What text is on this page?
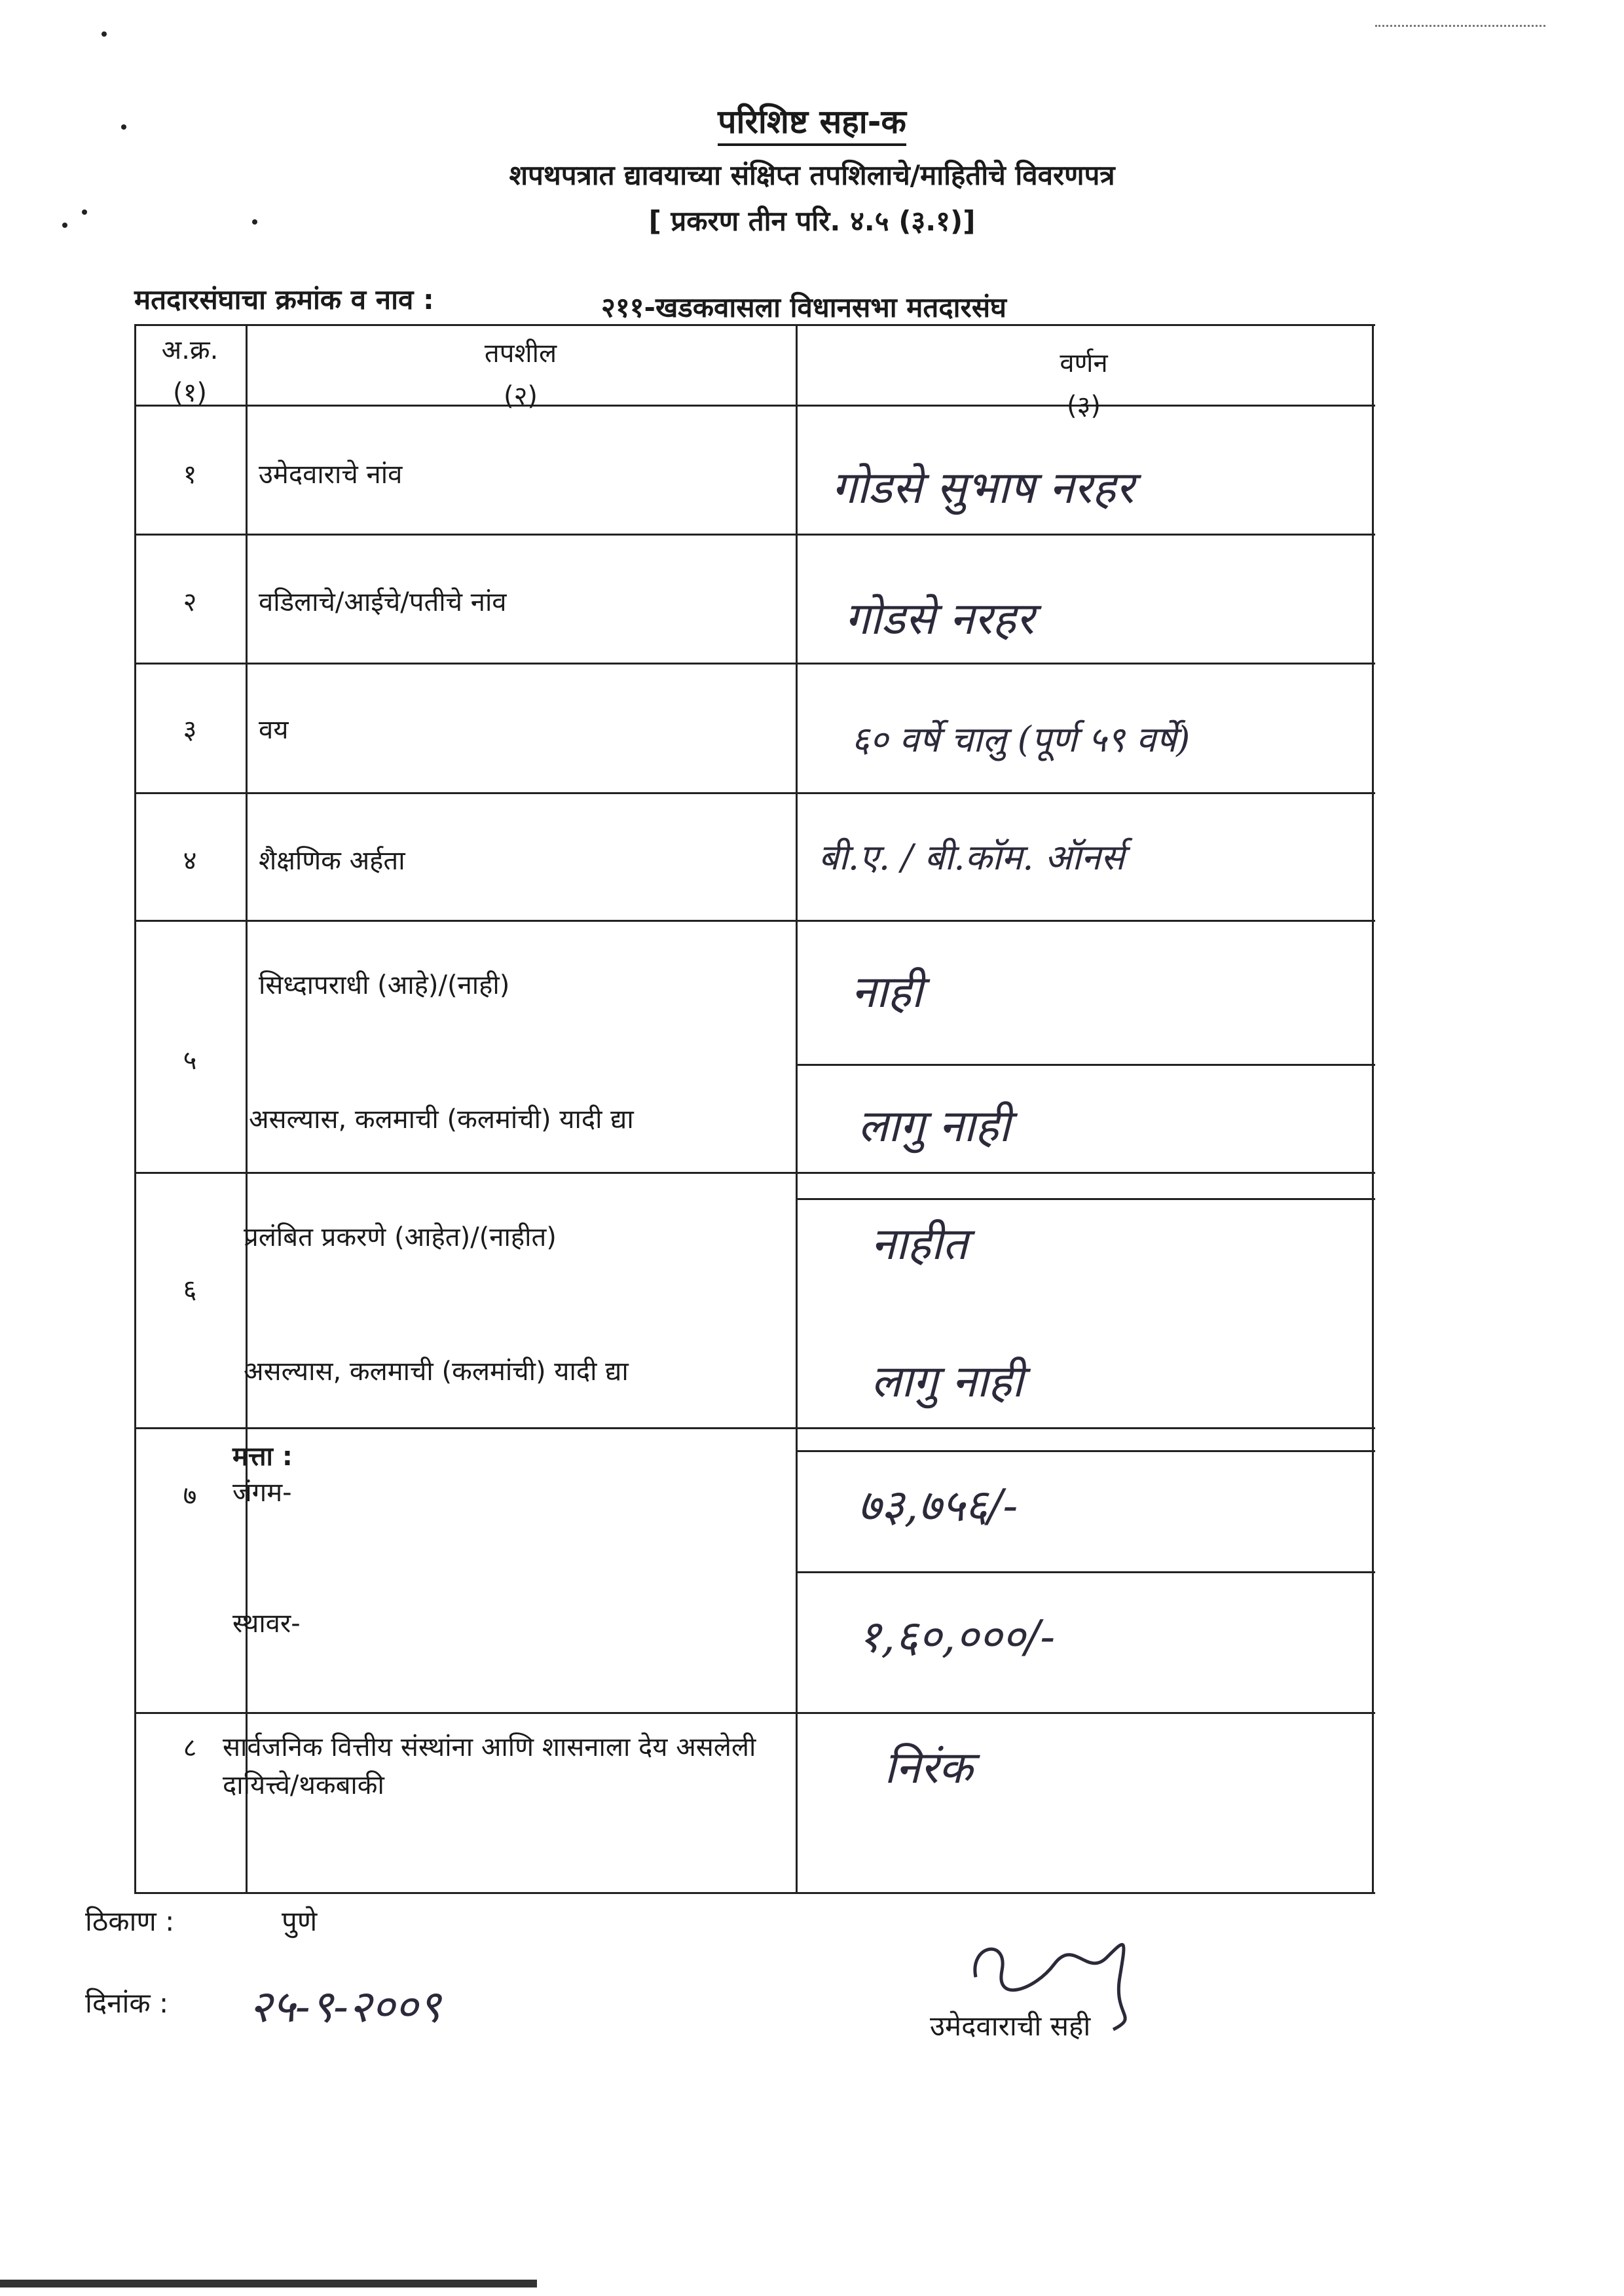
परिशिष्ट सहा-क
शपथपत्रात द्यावयाच्या संक्षिप्त तपशिलाचे/माहितीचे विवरणपत्र
[ प्रकरण तीन परि. ४.५ (३.१)]
मतदारसंघाचा क्रमांक व नाव :	२११-खडकवासला विधानसभा मतदारसंघ
अ.क्र.
(१)
तपशील
(२)
वर्णन
(३)
१	उमेदवाराचे नांव	गोडसे सुभाष नरहर
२	वडिलाचे/आईचे/पतीचे नांव	गोडसे नरहर
३	वय	६० वर्षे चालु (पूर्ण ५९ वर्षे)
४	शैक्षणिक अर्हता	बी.ए. / बी.कॉम. ऑनर्स
५
सिध्दापराधी (आहे)/(नाही)	नाही
असल्यास, कलमाची (कलमांची) यादी द्या	लागु नाही
६
प्रलंबित प्रकरणे (आहेत)/(नाहीत)	नाहीत
असल्यास, कलमाची (कलमांची) यादी द्या	लागु नाही
७
मत्ता :
जंगम-	७३,७५६/-
स्थावर-	१,६०,०००/-
८ सार्वजनिक वित्तीय संस्थांना आणि शासनाला देय असलेली दायित्त्वे/थकबाकी	निरंक
ठिकाण :	पुणे
दिनांक : २५-९-२००९	उमेदवाराची सही
